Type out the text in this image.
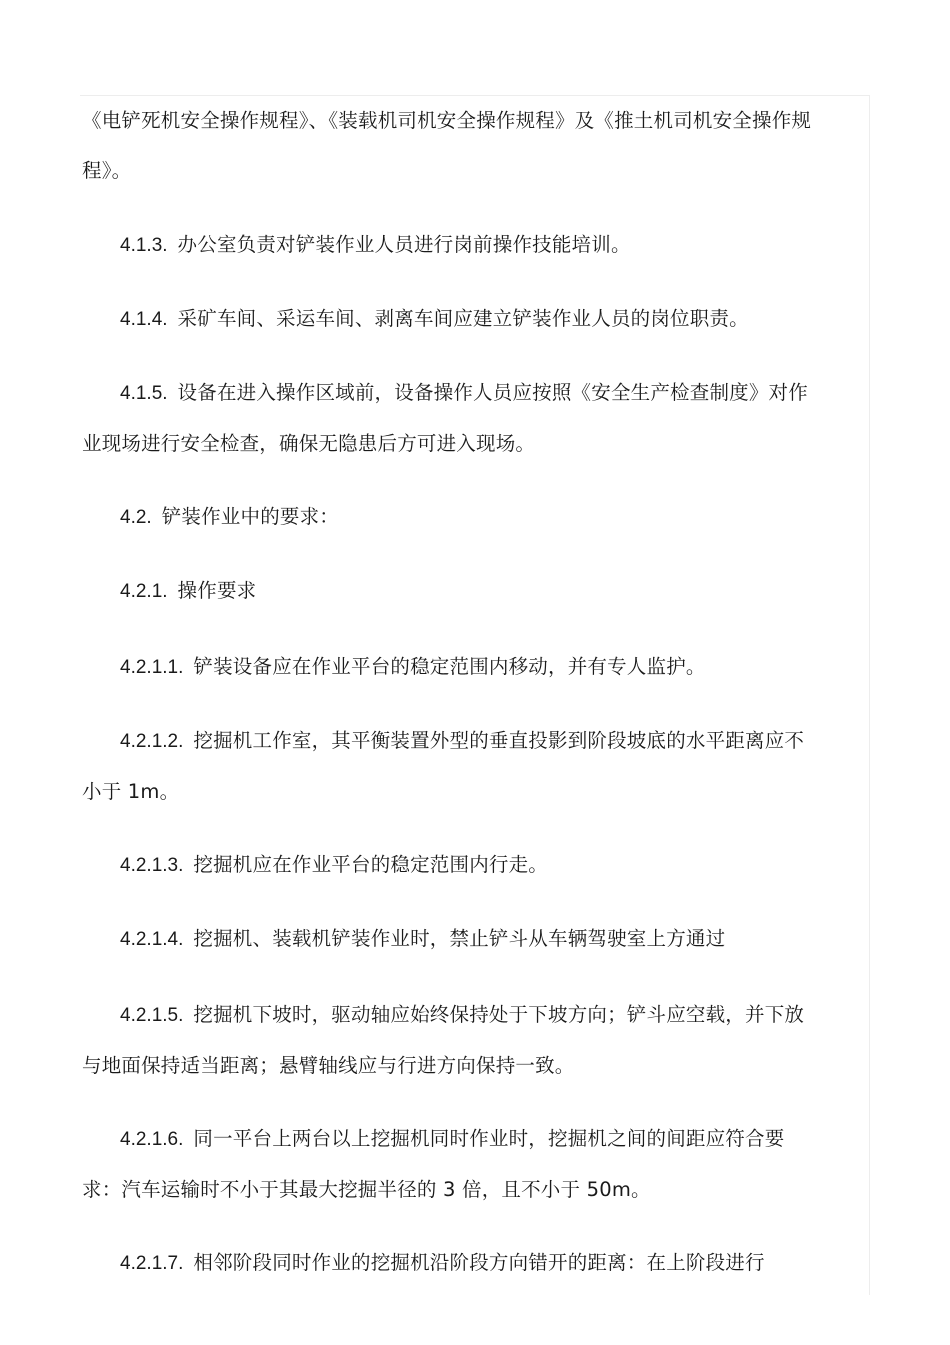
《电铲死机安全操作规程》、《装载机司机安全操作规程》及《推土机司机安全操作规程》。

4.1.3. 办公室负责对铲装作业人员进行岗前操作技能培训。

4.1.4. 采矿车间、采运车间、剥离车间应建立铲装作业人员的岗位职责。

4.1.5. 设备在进入操作区域前，设备操作人员应按照《安全生产检查制度》对作业现场进行安全检查，确保无隐患后方可进入现场。

4.2. 铲装作业中的要求：

4.2.1. 操作要求

4.2.1.1. 铲装设备应在作业平台的稳定范围内移动，并有专人监护。

4.2.1.2. 挖掘机工作室，其平衡装置外型的垂直投影到阶段坡底的水平距离应不小于 1m。

4.2.1.3. 挖掘机应在作业平台的稳定范围内行走。

4.2.1.4. 挖掘机、装载机铲装作业时，禁止铲斗从车辆驾驶室上方通过

4.2.1.5. 挖掘机下坡时，驱动轴应始终保持处于下坡方向；铲斗应空载，并下放与地面保持适当距离；悬臂轴线应与行进方向保持一致。

4.2.1.6. 同一平台上两台以上挖掘机同时作业时，挖掘机之间的间距应符合要求：汽车运输时不小于其最大挖掘半径的 3 倍，且不小于 50m。

4.2.1.7. 相邻阶段同时作业的挖掘机沿阶段方向错开的距离：在上阶段进行
